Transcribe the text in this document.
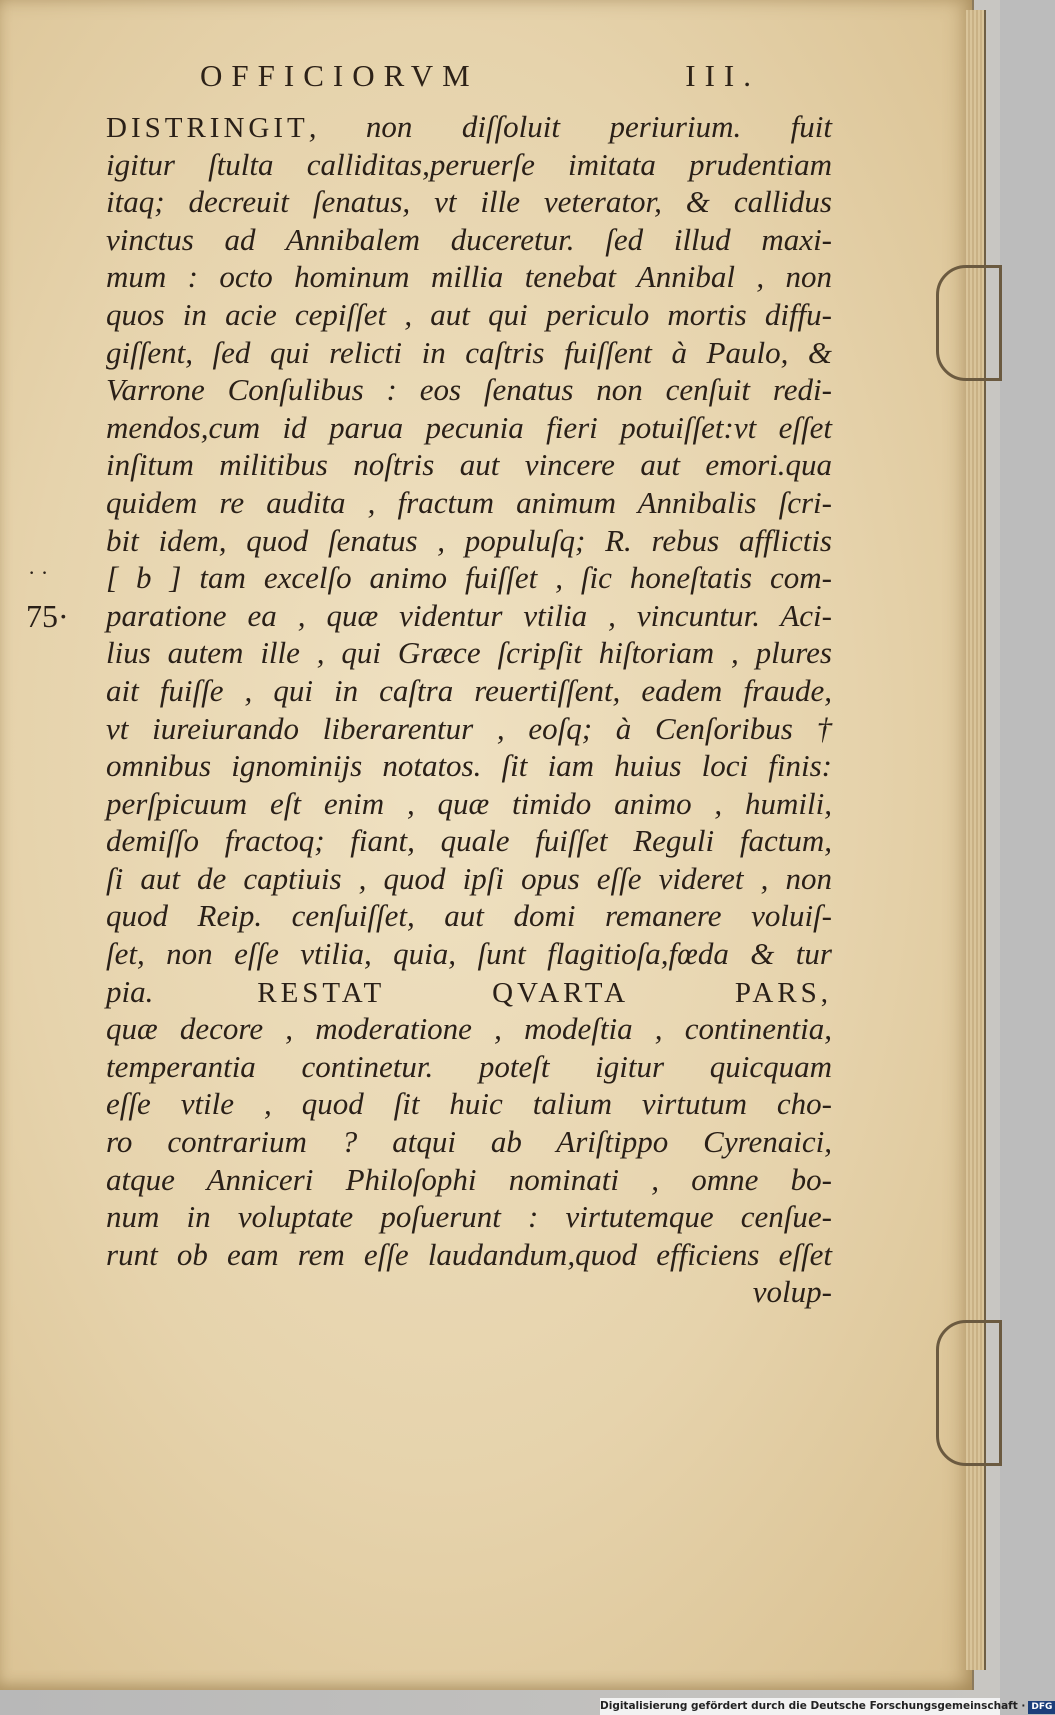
OFFICIORVM	III.
· ·
75·
DISTRINGIT, non diſſoluit periurium. fuit
igitur ſtulta calliditas,peruerſe imitata prudentiam
itaq; decreuit ſenatus, vt ille veterator, & callidus
vinctus ad Annibalem duceretur. ſed illud maxi-
mum : octo hominum millia tenebat Annibal , non
quos in acie cepiſſet , aut qui periculo mortis diffu-
giſſent, ſed qui relicti in caſtris fuiſſent à Paulo, &
Varrone Conſulibus : eos ſenatus non cenſuit redi-
mendos,cum id parua pecunia fieri potuiſſet:vt eſſet
inſitum militibus noſtris aut vincere aut emori.qua
quidem re audita , fractum animum Annibalis ſcri-
bit idem, quod ſenatus , populuſq; R. rebus afflictis
[ b ] tam excelſo animo fuiſſet , ſic honeſtatis com-
paratione ea , quæ videntur vtilia , vincuntur. Aci-
lius autem ille , qui Græce ſcripſit hiſtoriam , plures
ait fuiſſe , qui in caſtra reuertiſſent, eadem fraude,
vt iureiurando liberarentur , eoſq; à Cenſoribus †
omnibus ignominijs notatos. ſit iam huius loci finis:
perſpicuum eſt enim , quæ timido animo , humili,
demiſſo fractoq; fiant, quale fuiſſet Reguli factum,
ſi aut de captiuis , quod ipſi opus eſſe videret , non
quod Reip. cenſuiſſet, aut domi remanere voluiſ-
ſet, non eſſe vtilia, quia, ſunt flagitioſa,fœda & tur
pia.	RESTAT QVARTA PARS,
quæ decore , moderatione , modeſtia , continentia,
temperantia continetur. poteſt igitur quicquam
eſſe vtile , quod ſit huic talium virtutum cho-
ro contrarium ? atqui ab Ariſtippo Cyrenaici,
atque Anniceri Philoſophi nominati , omne bo-
num in voluptate poſuerunt : virtutemque cenſue-
runt ob eam rem eſſe laudandum,quod efficiens eſſet
volup-
Digitalisierung gefördert durch die Deutsche Forschungsgemeinschaft · DFG
